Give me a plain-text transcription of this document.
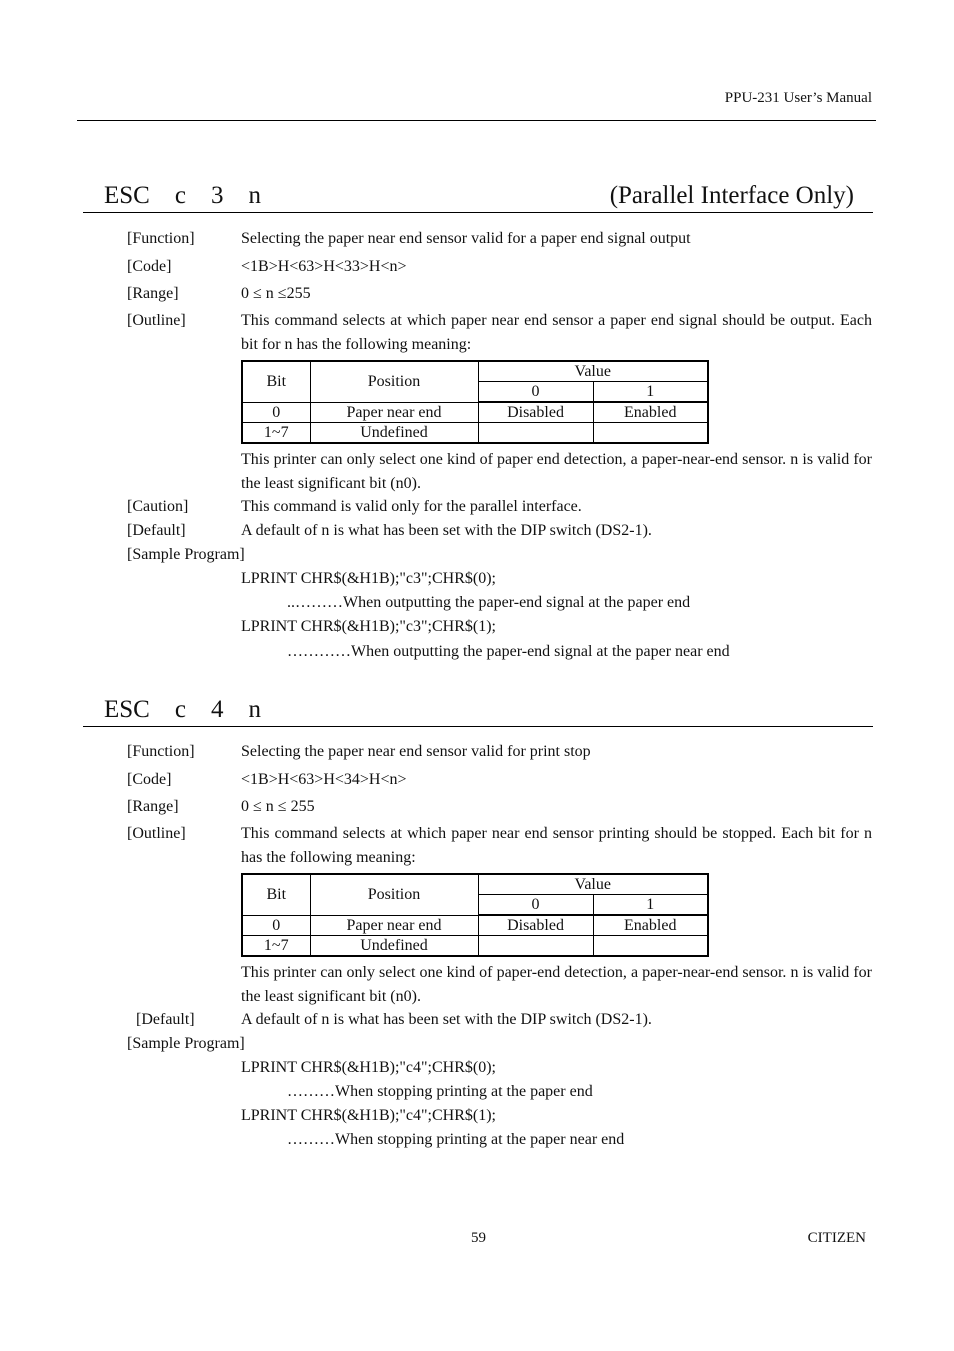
PPU-231 User’s Manual
ESC    c    3    n	(Parallel Interface Only)
[Function]	Selecting the paper near end sensor valid for a paper end signal output
[Code]	<1B>H<63>H<33>H<n>
[Range]	0 ≤ n ≤255
[Outline]	This command selects at which paper near end sensor a paper end signal should be output. Each bit for n has the following meaning:
Bit	Position	Value	
		0	1
0	Paper near end	Disabled	Enabled
1~7	Undefined		
This printer can only select one kind of paper end detection, a paper-near-end sensor. n is valid for the least significant bit (n0).
[Caution]	This command is valid only for the parallel interface.
[Default]	A default of n is what has been set with the DIP switch (DS2-1).
[Sample Program]
LPRINT CHR$(&H1B);"c3";CHR$(0);
..………When outputting the paper-end signal at the paper end
LPRINT CHR$(&H1B);"c3";CHR$(1);
…………When outputting the paper-end signal at the paper near end
ESC    c    4    n
[Function]	Selecting the paper near end sensor valid for print stop
[Code]	<1B>H<63>H<34>H<n>
[Range]	0 ≤ n ≤ 255
[Outline]	This command selects at which paper near end sensor printing should be stopped. Each bit for n has the following meaning:
Bit	Position	Value	
		0	1
0	Paper near end	Disabled	Enabled
1~7	Undefined		
This printer can only select one kind of paper-end detection, a paper-near-end sensor. n is valid for the least significant bit (n0).
[Default]	A default of n is what has been set with the DIP switch (DS2-1).
[Sample Program]
LPRINT CHR$(&H1B);"c4";CHR$(0);
………When stopping printing at the paper end
LPRINT CHR$(&H1B);"c4";CHR$(1);
………When stopping printing at the paper near end
59	CITIZEN
